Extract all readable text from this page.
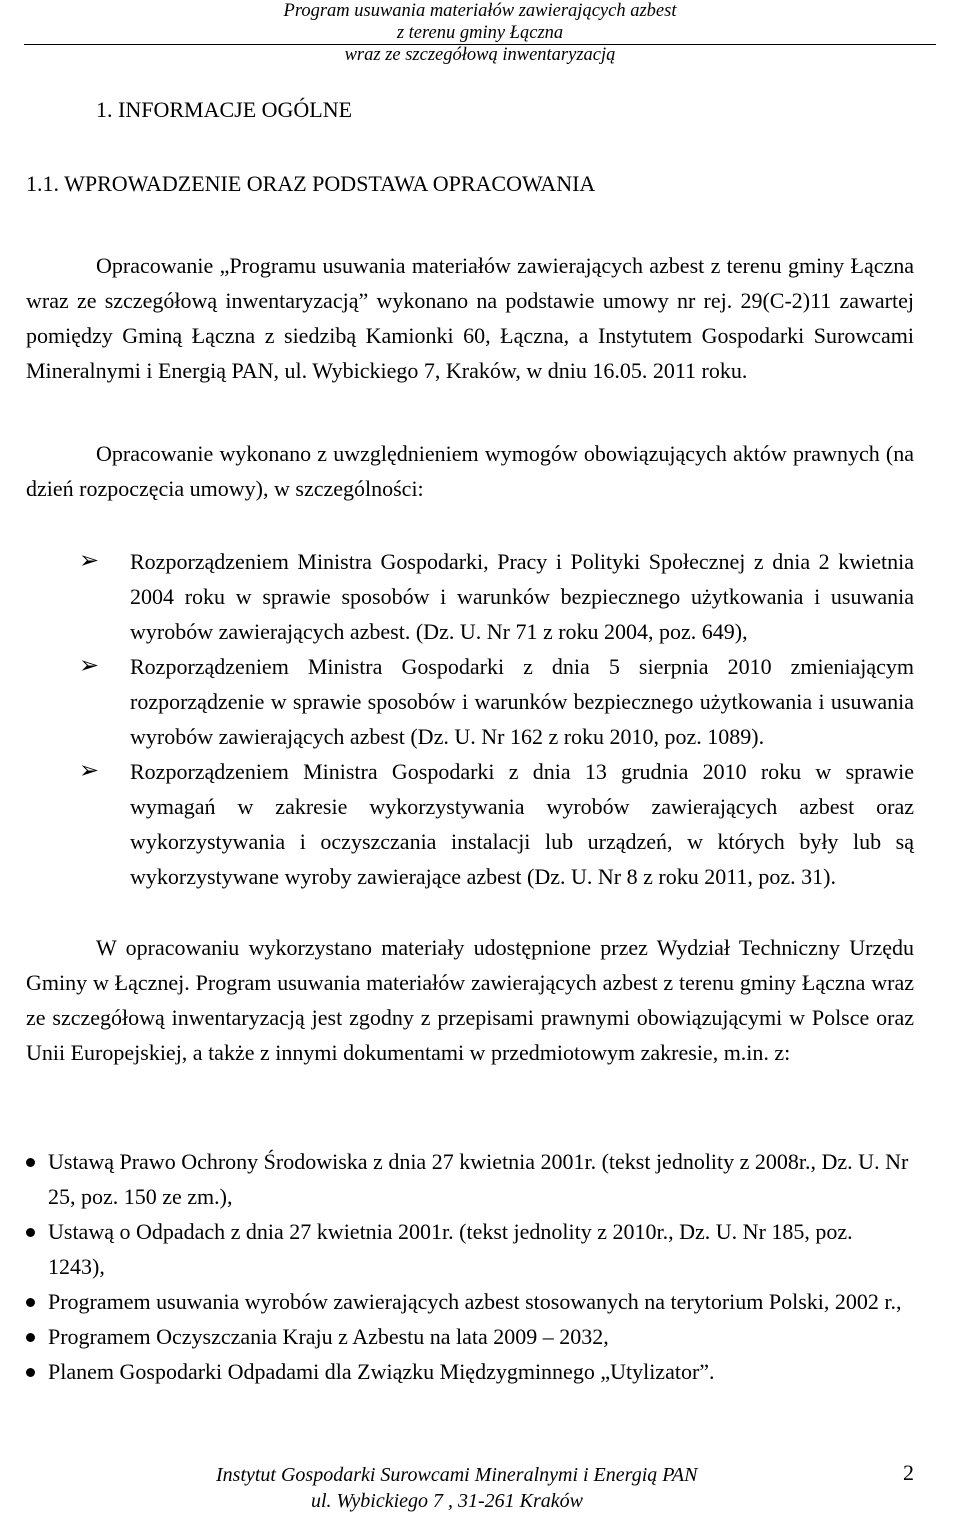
Program usuwania materiałów zawierających azbest z terenu gminy Łączna
wraz ze szczegółową inwentaryzacją
1. INFORMACJE OGÓLNE
1.1. WPROWADZENIE ORAZ PODSTAWA OPRACOWANIA
Opracowanie „Programu usuwania materiałów zawierających azbest z terenu gminy Łączna wraz ze szczegółową inwentaryzacją” wykonano na podstawie umowy nr rej. 29(C-2)11 zawartej pomiędzy Gminą Łączna z siedzibą Kamionki 60, Łączna, a Instytutem Gospodarki Surowcami Mineralnymi i Energią PAN, ul. Wybickiego 7, Kraków, w dniu 16.05. 2011 roku.
Opracowanie wykonano z uwzględnieniem wymogów obowiązujących aktów prawnych (na dzień rozpoczęcia umowy), w szczególności:
➢ Rozporządzeniem Ministra Gospodarki, Pracy i Polityki Społecznej z dnia 2 kwietnia 2004 roku w sprawie sposobów i warunków bezpiecznego użytkowania i usuwania wyrobów zawierających azbest. (Dz. U. Nr 71 z roku 2004, poz. 649),
➢ Rozporządzeniem Ministra Gospodarki z dnia 5 sierpnia 2010 zmieniającym rozporządzenie w sprawie sposobów i warunków bezpiecznego użytkowania i usuwania wyrobów zawierających azbest (Dz. U. Nr 162 z roku 2010, poz. 1089).
➢ Rozporządzeniem Ministra Gospodarki z dnia 13 grudnia 2010 roku w sprawie wymagań w zakresie wykorzystywania wyrobów zawierających azbest oraz wykorzystywania i oczyszczania instalacji lub urządzeń, w których były lub są wykorzystywane wyroby zawierające azbest (Dz. U. Nr 8 z roku 2011, poz. 31).
W opracowaniu wykorzystano materiały udostępnione przez Wydział Techniczny Urzędu Gminy w Łącznej. Program usuwania materiałów zawierających azbest z terenu gminy Łączna wraz ze szczegółową inwentaryzacją jest zgodny z przepisami prawnymi obowiązującymi w Polsce oraz Unii Europejskiej, a także z innymi dokumentami w przedmiotowym zakresie, m.in. z:
Ustawą Prawo Ochrony Środowiska z dnia 27 kwietnia 2001r. (tekst jednolity z 2008r., Dz. U. Nr 25, poz. 150 ze zm.),
Ustawą o Odpadach z dnia 27 kwietnia 2001r. (tekst jednolity z 2010r., Dz. U. Nr 185, poz. 1243),
Programem usuwania wyrobów zawierających azbest stosowanych na terytorium Polski, 2002 r.,
Programem Oczyszczania Kraju z Azbestu na lata 2009 – 2032,
Planem Gospodarki Odpadami dla Związku Międzygminnego „Utylizator”.
Instytut Gospodarki Surowcami Mineralnymi i Energią PAN
ul. Wybickiego 7 , 31-261 Kraków
2
